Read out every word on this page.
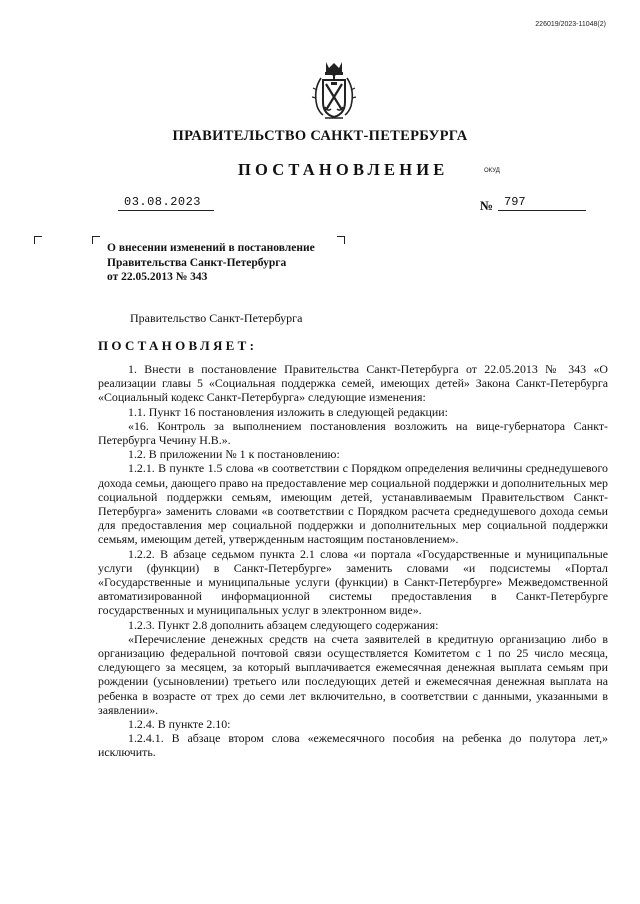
226019/2023-11048(2)
ПРАВИТЕЛЬСТВО САНКТ-ПЕТЕРБУРГА
ПОСТАНОВЛЕНИЕ	ОКУД
03.08.2023	№ 797
О внесении изменений в постановление
Правительства Санкт-Петербурга
от 22.05.2013 № 343
Правительство Санкт-Петербурга
ПОСТАНОВЛЯЕТ:

1. Внести в постановление Правительства Санкт-Петербурга от 22.05.2013 № 343 «О реализации главы 5 «Социальная поддержка семей, имеющих детей» Закона Санкт-Петербурга «Социальный кодекс Санкт-Петербурга» следующие изменения:

1.1. Пункт 16 постановления изложить в следующей редакции:

«16. Контроль за выполнением постановления возложить на вице-губернатора Санкт-Петербурга Чечину Н.В.».

1.2. В приложении № 1 к постановлению:

1.2.1. В пункте 1.5 слова «в соответствии с Порядком определения величины среднедушевого дохода семьи, дающего право на предоставление мер социальной поддержки и дополнительных мер социальной поддержки семьям, имеющим детей, устанавливаемым Правительством Санкт-Петербурга» заменить словами «в соответствии с Порядком расчета среднедушевого дохода семьи для предоставления мер социальной поддержки и дополнительных мер социальной поддержки семьям, имеющим детей, утвержденным настоящим постановлением».

1.2.2. В абзаце седьмом пункта 2.1 слова «и портала «Государственные и муниципальные услуги (функции) в Санкт-Петербурге» заменить словами «и подсистемы «Портал «Государственные и муниципальные услуги (функции) в Санкт-Петербурге» Межведомственной автоматизированной информационной системы предоставления в Санкт-Петербурге государственных и муниципальных услуг в электронном виде».

1.2.3. Пункт 2.8 дополнить абзацем следующего содержания:

«Перечисление денежных средств на счета заявителей в кредитную организацию либо в организацию федеральной почтовой связи осуществляется Комитетом с 1 по 25 число месяца, следующего за месяцем, за который выплачивается ежемесячная денежная выплата семьям при рождении (усыновлении) третьего или последующих детей и ежемесячная денежная выплата на ребенка в возрасте от трех до семи лет включительно, в соответствии с данными, указанными в заявлении».

1.2.4. В пункте 2.10:

1.2.4.1. В абзаце втором слова «ежемесячного пособия на ребенка до полутора лет,» исключить.
